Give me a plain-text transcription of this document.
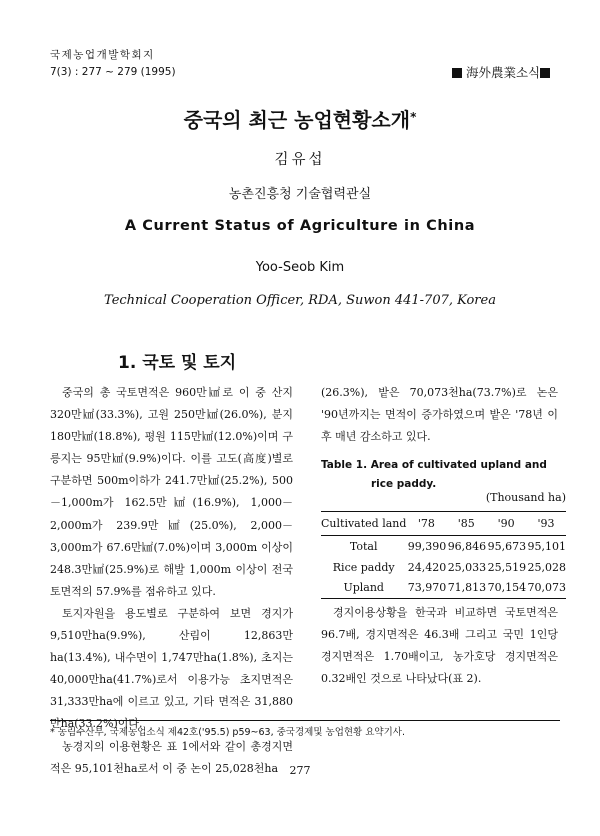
국제농업개발학회지
7(3) : 277 ~ 279 (1995)	海外農業소식
중국의 최근 농업현황소개*
김유섭
농촌진흥청 기술협력관실
A Current Status of Agriculture in China
Yoo-Seob Kim
Technical Cooperation Officer, RDA, Suwon 441-707, Korea
1. 국토 및 토지

중국의 총 국토면적은 960만㎢로 이 중 산지 320만㎢(33.3%), 고원 250만㎢(26.0%), 분지 180만㎢(18.8%), 평원 115만㎢(12.0%)이며 구릉지는 95만㎢(9.9%)이다. 이를 고도(高度)별로 구분하면 500m이하가 241.7만㎢(25.2%), 500－1,000m가 162.5만㎢(16.9%), 1,000－2,000m가 239.9만㎢(25.0%), 2,000－3,000m가 67.6만㎢(7.0%)이며 3,000m 이상이 248.3만㎢(25.9%)로 해발 1,000m 이상이 전국토면적의 57.9%를 점유하고 있다.

토지자원을 용도별로 구분하여 보면 경지가 9,510만ha(9.9%), 산림이 12,863만ha(13.4%), 내수면이 1,747만ha(1.8%), 초지는 40,000만ha(41.7%)로서 이용가능 초지면적은 31,333만ha에 이르고 있고, 기타 면적은 31,880만ha(33.2%)이다.

농경지의 이용현황은 표 1에서와 같이 총경지면적은 95,101천ha로서 이 중 논이 25,028천ha

(26.3%), 밭은 70,073천ha(73.7%)로 논은 '90년까지는 면적이 증가하였으며 밭은 '78년 이후 매년 감소하고 있다.

Table 1. Area of cultivated upland and
rice paddy.
(Thousand ha)
Cultivated land	'78	'85	'90	'93
Total	99,390	96,846	95,673	95,101
Rice paddy	24,420	25,033	25,519	25,028
Upland	73,970	71,813	70,154	70,073

경지이용상황을 한국과 비교하면 국토면적은 96.7배, 경지면적은 46.3배 그리고 국민 1인당 경지면적은 1.70배이고, 농가호당 경지면적은 0.32배인 것으로 나타났다(표 2).

* 농림수산부, 국제농업소식 제42호('95.5) p59~63, 중국경제및 농업현황 요약기사.
277
